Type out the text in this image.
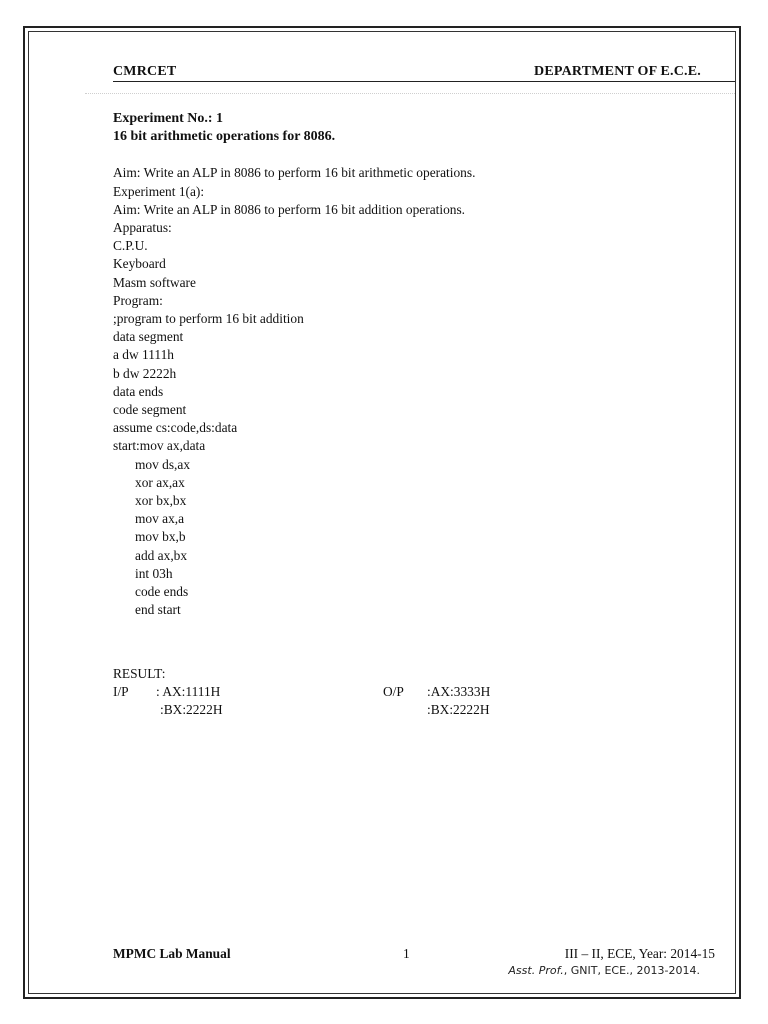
CMRCET	DEPARTMENT OF E.C.E.
Experiment No.: 1
16 bit arithmetic operations for 8086.
Aim: Write an ALP in 8086 to perform 16 bit arithmetic operations.
Experiment 1(a):
Aim: Write an ALP in 8086 to perform 16 bit addition operations.
Apparatus:
C.P.U.
Keyboard
Masm software
Program:
;program to perform 16 bit addition
data segment
a dw 1111h
b dw 2222h
data ends
code segment
assume cs:code,ds:data
start:mov ax,data
mov ds,ax
xor ax,ax
xor bx,bx
mov ax,a
mov bx,b
add ax,bx
int 03h
code ends
end start
RESULT:
I/P : AX:1111H	O/P :AX:3333H
:BX:2222H	:BX:2222H
MPMC Lab Manual	1	III – II, ECE, Year: 2014-15
Asst. Prof., GNIT, ECE., 2013-2014.
